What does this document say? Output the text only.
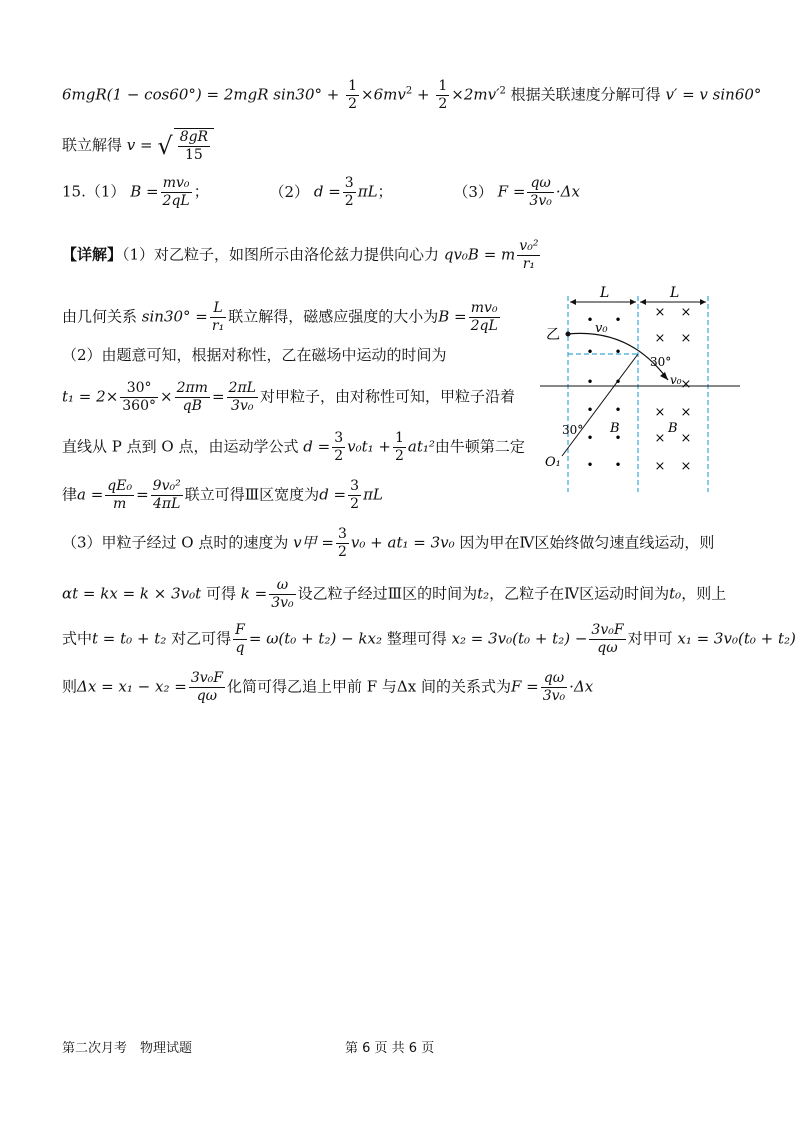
6mgR(1 − cos60°) = 2mgR $\sin 30^\circ + \frac{1}{2} \times 6mv^2 + \frac{1}{2} \times 2mv'^2$ 根据关联速度分解可得 v′ = v sin60°
联立解得 v = √ $\frac{8gR}{15}$
15.（1） $B = \frac{\text{mv₀}}{2qL}$ ；	（2） $d = \frac{3}{2}$ πL；	（3） $F = \frac{q\omega}{\text{3v₀}} \cdot\Delta x$
【详解】（1）对乙粒子，如图所示由洛伦兹力提供向心力 qv₀B = m $\frac{\text{v₀²}}{\text{r₁}}$
由几何关系 $\sin 30^\circ = \frac{L}{\text{r₁}}$ 联立解得，磁感应强度的大小为$B = \frac{\text{mv₀}}{2qL}$
（2）由题意可知，根据对称性，乙在磁场中运动的时间为
$t_1 = 2\times \frac{30^\circ}{360^\circ} \times \frac{2\pi m}{qB} = \frac{2\pi L}{\text{3v₀}}$ 对甲粒子，由对称性可知，甲粒子沿着
直线从 P 点到 O 点，由运动学公式 $d = \frac{3}{2} v_0t_1 + \frac{1}{2} at_1^2$由牛顿第二定
律$a = \frac{\text{qE₀}}{m} = \frac{\text{9v₀²}}{4\pi L}$ 联立可得Ⅲ区宽度为$d = \frac{3}{2}$ πL
（3）甲粒子经过 O 点时的速度为 v甲 = $\frac{3}{2} v_0 + at_1 = 3v_0$ 因为甲在Ⅳ区始终做匀速直线运动，则
αt = kx = k × 3v₀t 可得 $k = \frac{\omega}{\text{3v₀}}$ 设乙粒子经过Ⅲ区的时间为t₂，乙粒子在Ⅳ区运动时间为t₀，则上
式中t = t₀ + t₂ 对乙可得 $\frac{F}{q} = \omega(t_0 + t_2) - kx_2$ 整理可得 $x_2 = 3v_0(t_0 + t_2) - \frac{\text{3v₀F}}{q\omega}$ 对甲可 x₁ = 3v₀(t₀ + t₂)
则$\Delta x = x_1 - x_2 = \frac{\text{3v₀F}}{q\omega}$ 化简可得乙追上甲前 F 与Δx 间的关系式为$F = \frac{q\omega}{\text{3v₀}} \cdot\Delta x$
L	L
乙	v₀
30°
v₀
30° B	B
O₁
• •
• •
• •
•
•
• •
• •
× ×
× ×
×
× ×
× ×
× ×
第二次月考　物理试题	第 6 页 共 6 页
